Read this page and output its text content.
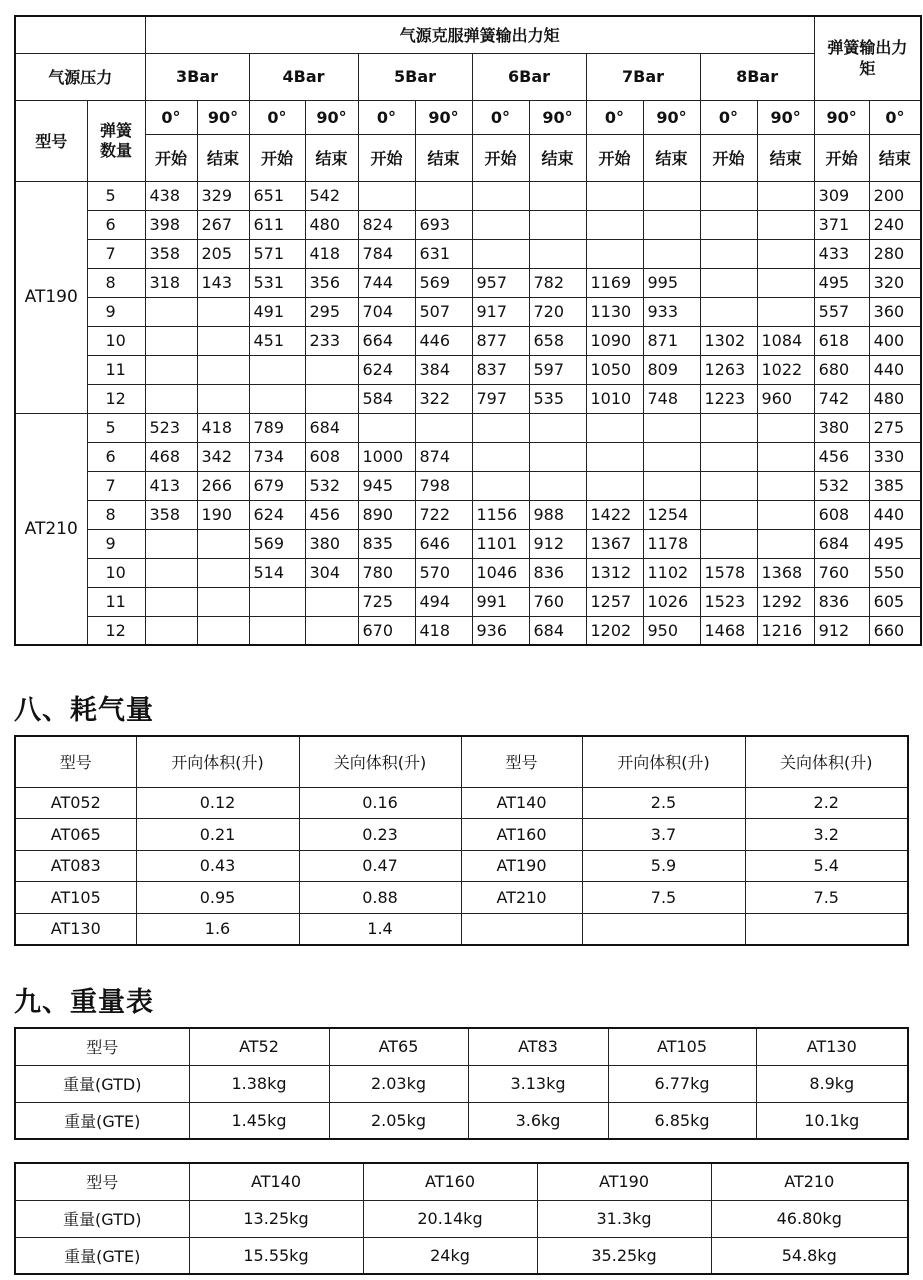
		气源克服弹簧输出力矩												弹簧输出力矩	
气源压力		3Bar		4Bar		5Bar		6Bar		7Bar		8Bar			
型号	弹簧数量	0°	90°	0°	90°	0°	90°	0°	90°	0°	90°	0°	90°	90°	0°
		开始	结束	开始	结束	开始	结束	开始	结束	开始	结束	开始	结束	开始	结束
AT190	5	438	329	651	542									309	200
	6	398	267	611	480	824	693							371	240
	7	358	205	571	418	784	631							433	280
	8	318	143	531	356	744	569	957	782	1169	995			495	320
	9			491	295	704	507	917	720	1130	933			557	360
	10			451	233	664	446	877	658	1090	871	1302	1084	618	400
	11					624	384	837	597	1050	809	1263	1022	680	440
	12					584	322	797	535	1010	748	1223	960	742	480
AT210	5	523	418	789	684									380	275
	6	468	342	734	608	1000	874							456	330
	7	413	266	679	532	945	798							532	385
	8	358	190	624	456	890	722	1156	988	1422	1254			608	440
	9			569	380	835	646	1101	912	1367	1178			684	495
	10			514	304	780	570	1046	836	1312	1102	1578	1368	760	550
	11					725	494	991	760	1257	1026	1523	1292	836	605
	12					670	418	936	684	1202	950	1468	1216	912	660
八、耗气量
型号	开向体积(升)	关向体积(升)	型号	开向体积(升)	关向体积(升)
AT052	0.12	0.16	AT140	2.5	2.2
AT065	0.21	0.23	AT160	3.7	3.2
AT083	0.43	0.47	AT190	5.9	5.4
AT105	0.95	0.88	AT210	7.5	7.5
AT130	1.6	1.4			
九、重量表
型号	AT52	AT65	AT83	AT105	AT130
重量(GTD)	1.38kg	2.03kg	3.13kg	6.77kg	8.9kg
重量(GTE)	1.45kg	2.05kg	3.6kg	6.85kg	10.1kg
型号	AT140	AT160	AT190	AT210
重量(GTD)	13.25kg	20.14kg	31.3kg	46.80kg
重量(GTE)	15.55kg	24kg	35.25kg	54.8kg
